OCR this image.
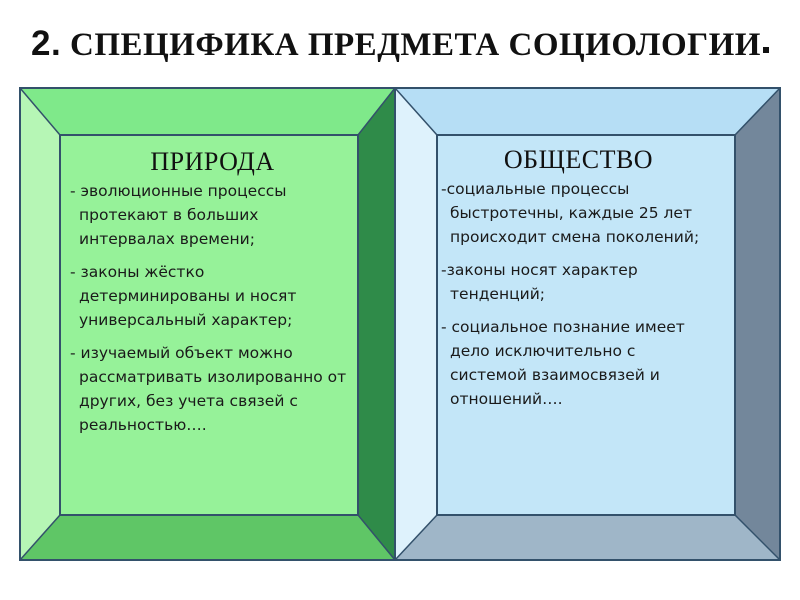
2. СПЕЦИФИКА ПРЕДМЕТА СОЦИОЛОГИИ
ПРИРОДА
- эволюционные процессы протекают в больших интервалах времени;
- законы жёстко детерминированы и носят универсальный характер;
- изучаемый объект можно рассматривать изолированно от других, без учета связей с реальностью….
ОБЩЕСТВО
-социальные процессы быстротечны, каждые 25 лет происходит смена поколений;
-законы носят характер тенденций;
- социальное познание имеет дело исключительно с системой взаимосвязей и отношений….
